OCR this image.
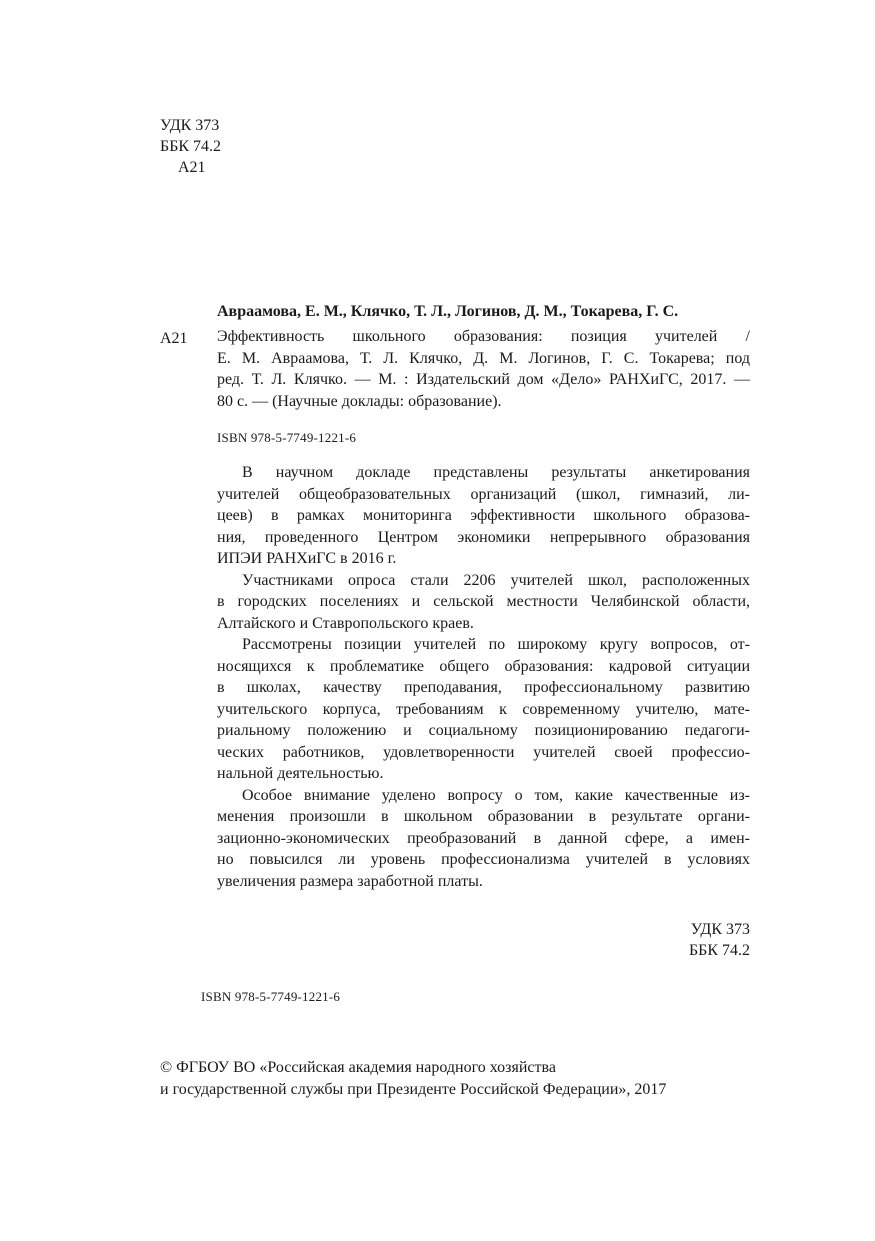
УДК 373
ББК 74.2
А21
Авраамова, Е. М., Клячко, Т. Л., Логинов, Д. М., Токарева, Г. С.
А21 Эффективность школьного образования: позиция учителей /
Е. М. Авраамова, Т. Л. Клячко, Д. М. Логинов, Г. С. Токарева; под
ред. Т. Л. Клячко. — М. : Издательский дом «Дело» РАНХиГС, 2017. —
80 с. — (Научные доклады: образование).
ISBN 978-5-7749-1221-6
В научном докладе представлены результаты анкетирования
учителей общеобразовательных организаций (школ, гимназий, ли-
цеев) в рамках мониторинга эффективности школьного образова-
ния, проведенного Центром экономики непрерывного образования
ИПЭИ РАНХиГС в 2016 г.
Участниками опроса стали 2206 учителей школ, расположенных
в городских поселениях и сельской местности Челябинской области,
Алтайского и Ставропольского краев.
Рассмотрены позиции учителей по широкому кругу вопросов, от-
носящихся к проблематике общего образования: кадровой ситуации
в школах, качеству преподавания, профессиональному развитию
учительского корпуса, требованиям к современному учителю, мате-
риальному положению и социальному позиционированию педагоги-
ческих работников, удовлетворенности учителей своей профессио-
нальной деятельностью.
Особое внимание уделено вопросу о том, какие качественные из-
менения произошли в школьном образовании в результате органи-
зационно-экономических преобразований в данной сфере, а имен-
но повысился ли уровень профессионализма учителей в условиях
увеличения размера заработной платы.
УДК 373
ББК 74.2
ISBN 978-5-7749-1221-6
© ФГБОУ ВО «Российская академия народного хозяйства
и государственной службы при Президенте Российской Федерации», 2017
